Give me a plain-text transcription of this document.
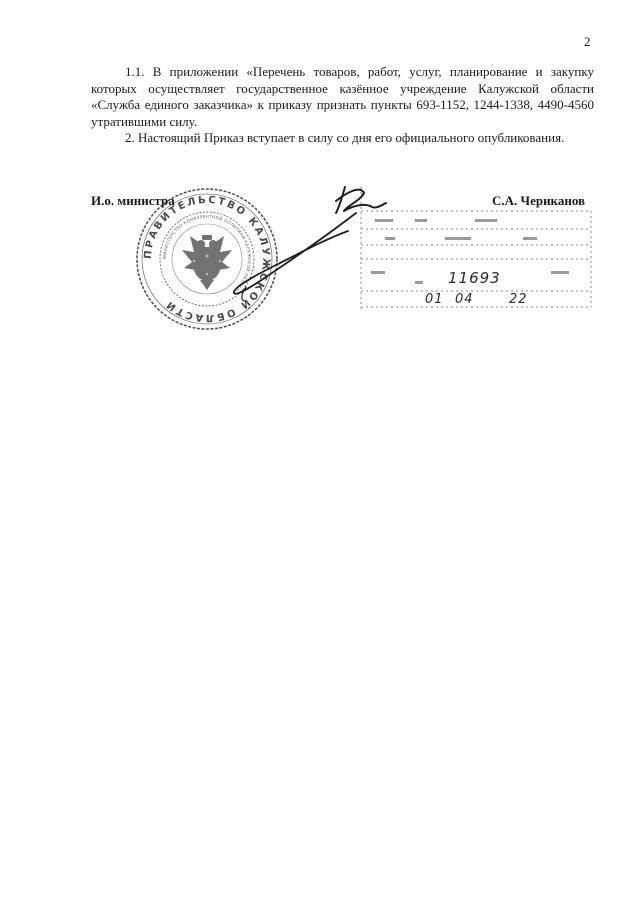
2

1.1. В приложении «Перечень товаров, работ, услуг, планирование и закупку которых осуществляет государственное казённое учреждение Калужской области «Служба единого заказчика» к приказу признать пункты 693-1152, 1244-1338, 4490-4560 утратившими силу.

2. Настоящий Приказ вступает в силу со дня его официального опубликования.

ПРАВИТЕЛЬСТВО КАЛУЖСКОЙ ОБЛАСТИ
МИНИСТЕРСТВО КОНКУРЕНТНОЙ ПОЛИТИКИ КАЛУЖСКОЙ ОБЛАСТИ
11693
01 04	22
И.о. министра	С.А. Чериканов
